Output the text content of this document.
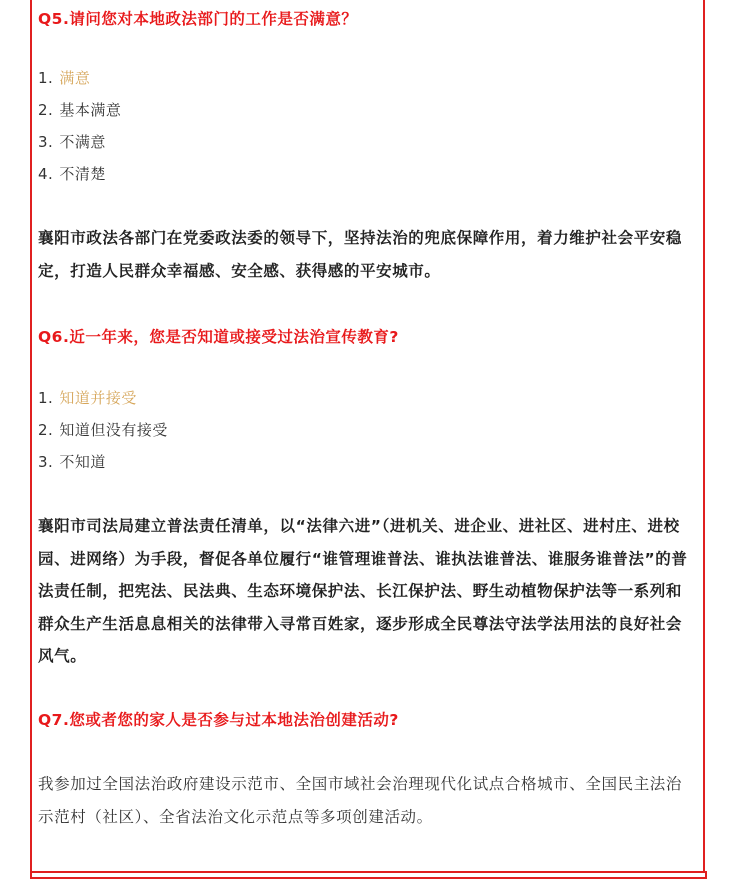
Q5.请问您对本地政法部门的工作是否满意？
1. 满意
2. 基本满意
3. 不满意
4. 不清楚

襄阳市政法各部门在党委政法委的领导下，坚持法治的兜底保障作用，着力维护社会平安稳定，打造人民群众幸福感、安全感、获得感的平安城市。

Q6.近一年来，您是否知道或接受过法治宣传教育?
1. 知道并接受
2. 知道但没有接受
3. 不知道

襄阳市司法局建立普法责任清单，以“法律六进”（进机关、进企业、进社区、进村庄、进校园、进网络）为手段，督促各单位履行“谁管理谁普法、谁执法谁普法、谁服务谁普法”的普法责任制，把宪法、民法典、生态环境保护法、长江保护法、野生动植物保护法等一系列和群众生产生活息息相关的法律带入寻常百姓家，逐步形成全民尊法守法学法用法的良好社会风气。

Q7.您或者您的家人是否参与过本地法治创建活动?

我参加过全国法治政府建设示范市、全国市域社会治理现代化试点合格城市、全国民主法治示范村（社区）、全省法治文化示范点等多项创建活动。
